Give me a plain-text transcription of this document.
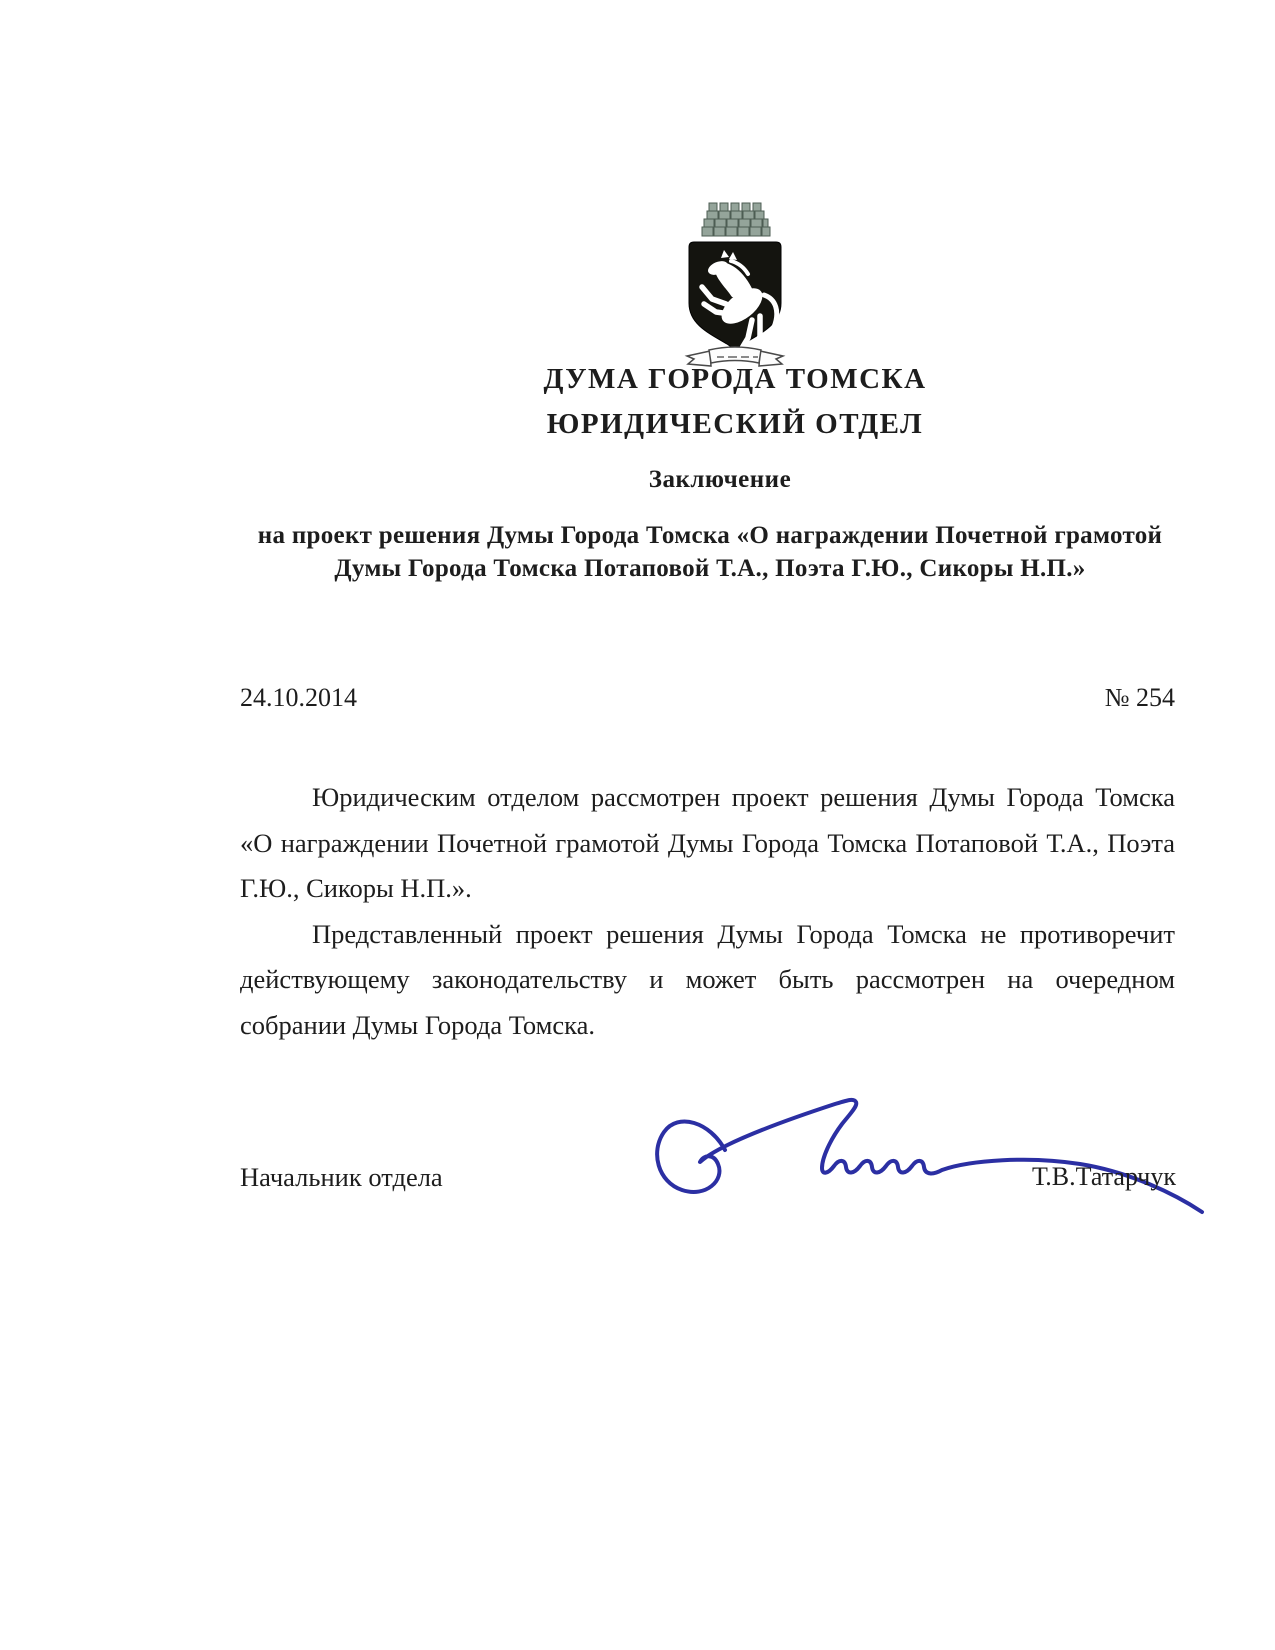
ДУМА ГОРОДА ТОМСКА
ЮРИДИЧЕСКИЙ ОТДЕЛ
Заключение
на проект решения Думы Города Томска «О награждении Почетной грамотой
Думы Города Томска Потаповой Т.А., Поэта Г.Ю., Сикоры Н.П.»
24.10.2014	№ 254

Юридическим отделом рассмотрен проект решения Думы Города Томска «О награждении Почетной грамотой Думы Города Томска Потаповой Т.А., Поэта Г.Ю., Сикоры Н.П.».

Представленный проект решения Думы Города Томска не противоречит действующему законодательству и может быть рассмотрен на очередном собрании Думы Города Томска.

Начальник отдела	Т.В.Татарчук
